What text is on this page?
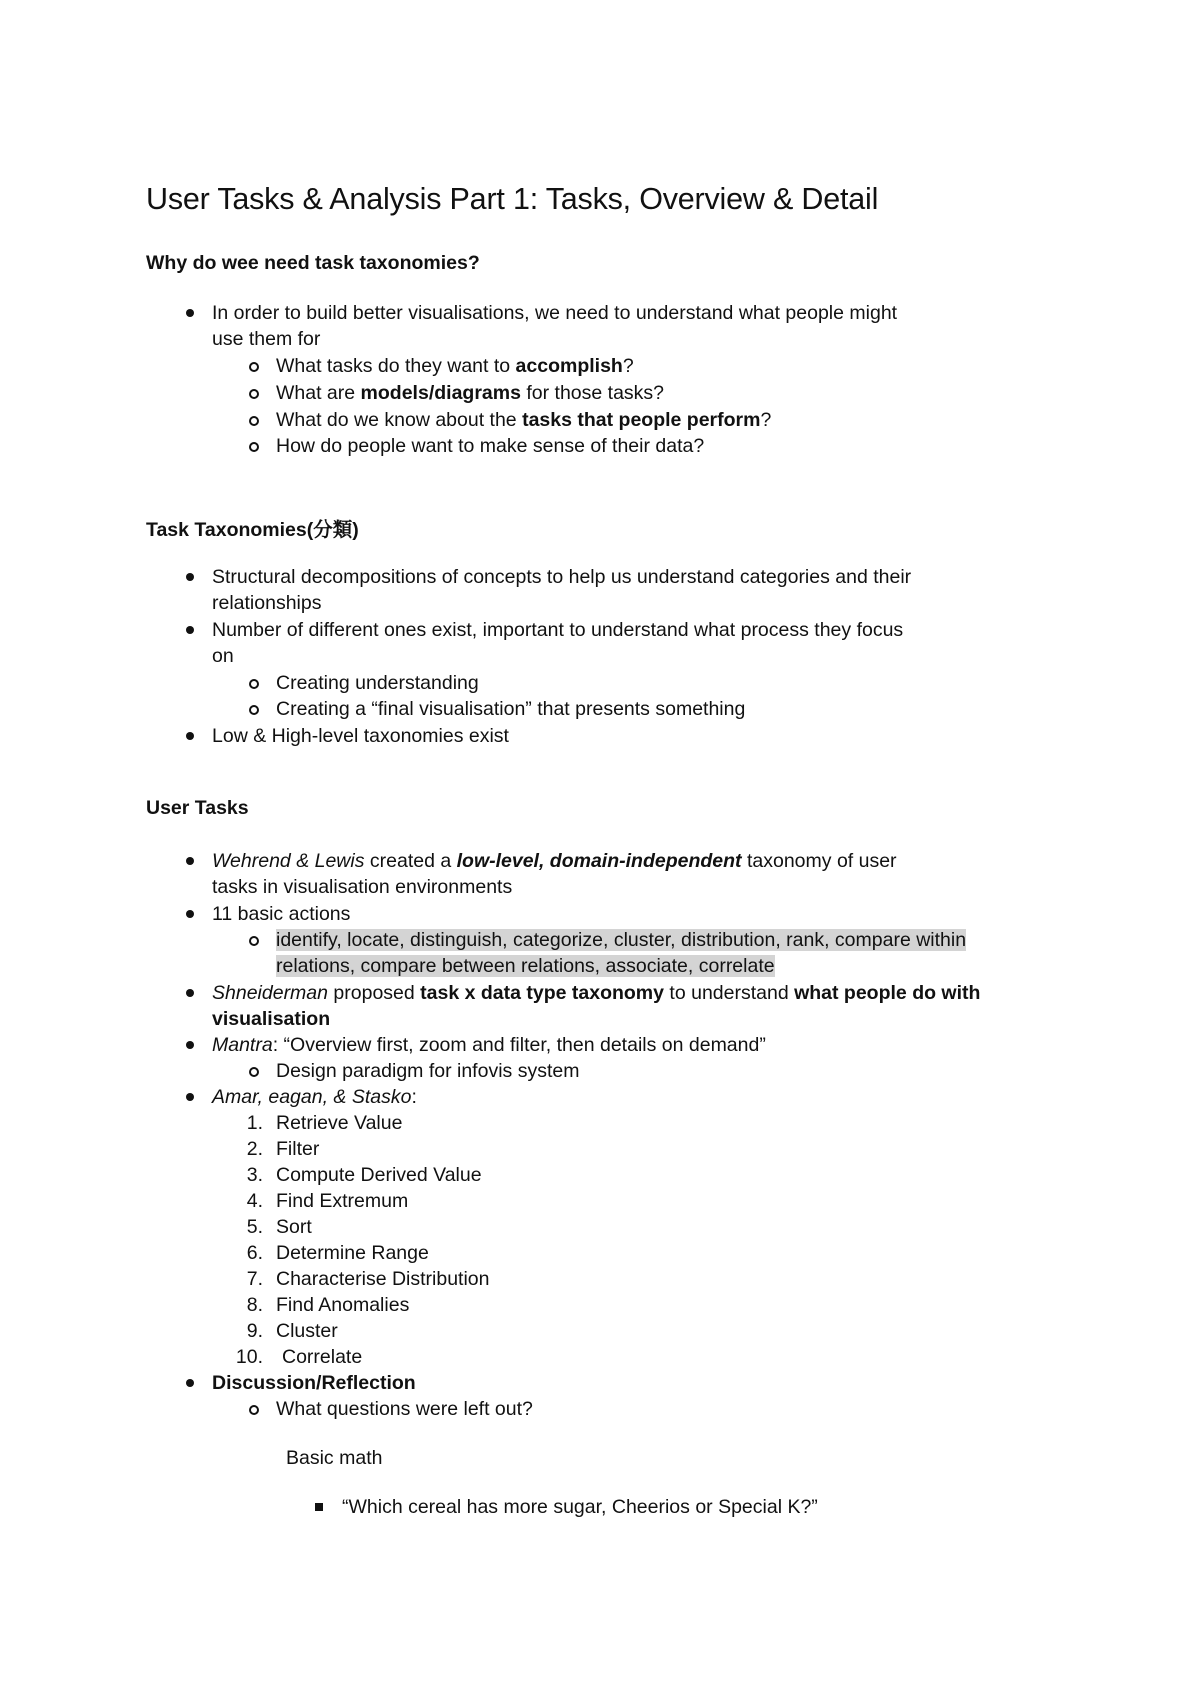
User Tasks & Analysis Part 1: Tasks, Overview & Detail
Why do wee need task taxonomies?
In order to build better visualisations, we need to understand what people might
use them for
What tasks do they want to accomplish?
What are models/diagrams for those tasks?
What do we know about the tasks that people perform?
How do people want to make sense of their data?
Task Taxonomies(分類)
Structural decompositions of concepts to help us understand categories and their
relationships
Number of different ones exist, important to understand what process they focus
on
Creating understanding
Creating a “final visualisation” that presents something
Low & High-level taxonomies exist
User Tasks
Wehrend & Lewis created a low-level, domain-independent taxonomy of user
tasks in visualisation environments
11 basic actions
identify, locate, distinguish, categorize, cluster, distribution, rank, compare within
relations, compare between relations, associate, correlate
Shneiderman proposed task x data type taxonomy to understand what people do with
visualisation
Mantra: “Overview first, zoom and filter, then details on demand”
Design paradigm for infovis system
Amar, eagan, & Stasko:
1. Retrieve Value
2. Filter
3. Compute Derived Value
4. Find Extremum
5. Sort
6. Determine Range
7. Characterise Distribution
8. Find Anomalies
9. Cluster
10. Correlate
Discussion/Reflection
What questions were left out?
Basic math
“Which cereal has more sugar, Cheerios or Special K?”
